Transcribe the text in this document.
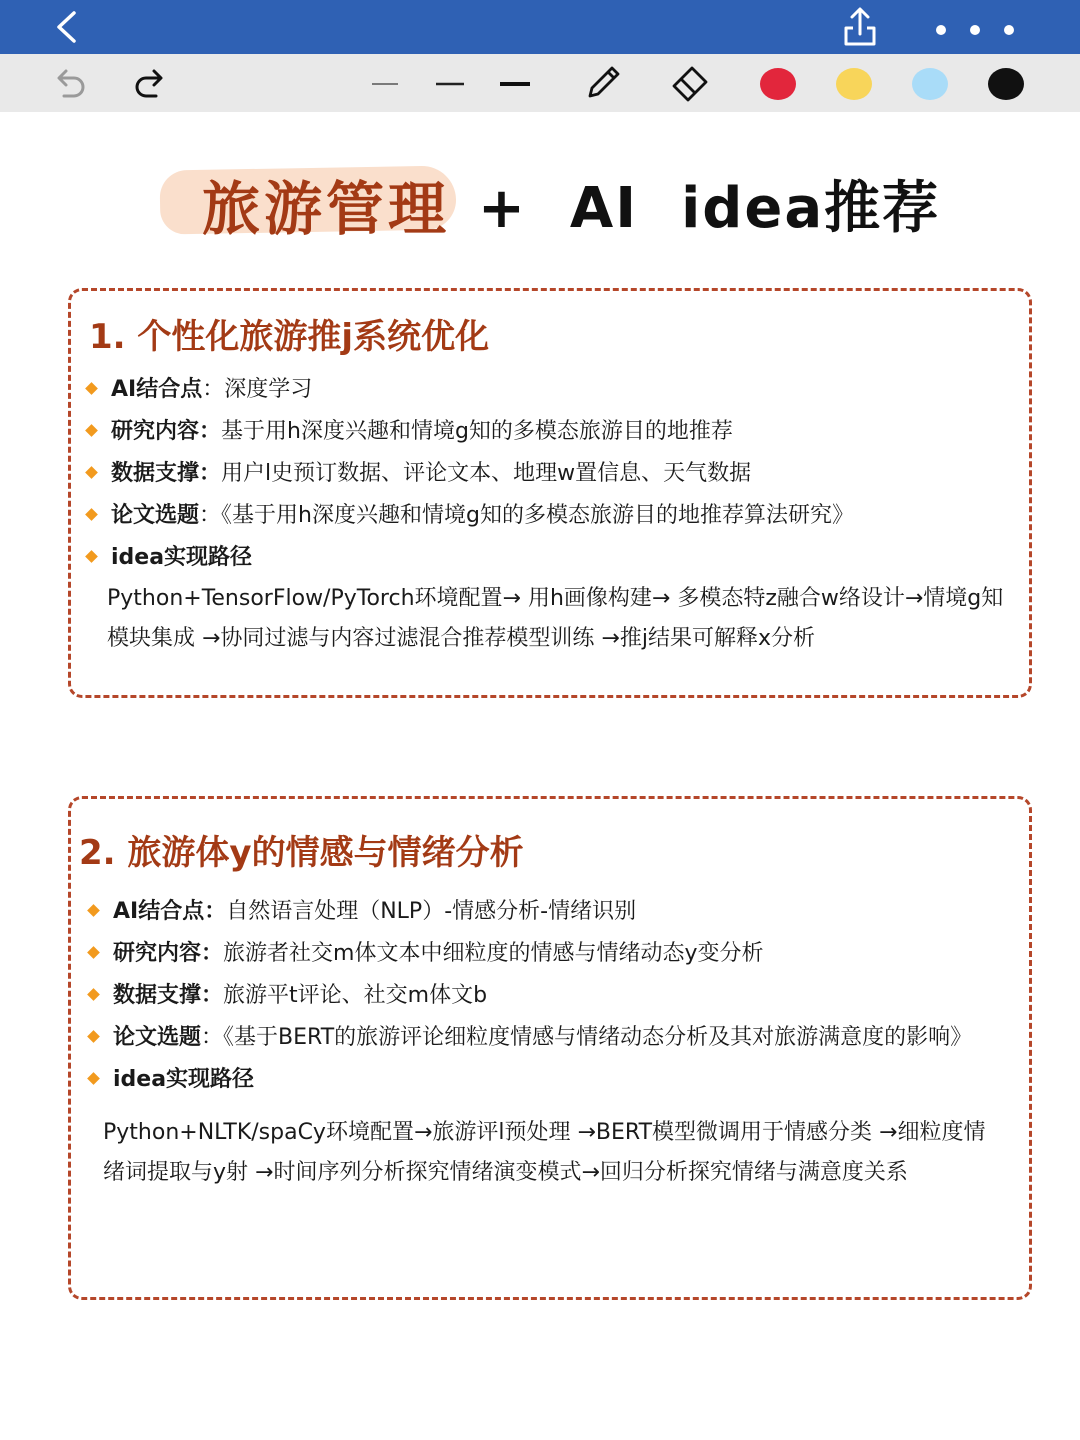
旅游管理 +  AI  idea推荐
1. 个性化旅游推j系统优化
AI结合点：深度学习
研究内容：基于用h深度兴趣和情境g知的多模态旅游目的地推荐
数据支撑：用户l史预订数据、评论文本、地理w置信息、天气数据
论文选题：《基于用h深度兴趣和情境g知的多模态旅游目的地推荐算法研究》
idea实现路径
Python+TensorFlow/PyTorch环境配置→ 用h画像构建→ 多模态特z融合w络设计→情境g知模块集成 →协同过滤与内容过滤混合推荐模型训练 →推j结果可解释x分析
2. 旅游体y的情感与情绪分析
AI结合点：自然语言处理（NLP）-情感分析-情绪识别
研究内容：旅游者社交m体文本中细粒度的情感与情绪动态y变分析
数据支撑：旅游平t评论、社交m体文b
论文选题：《基于BERT的旅游评论细粒度情感与情绪动态分析及其对旅游满意度的影响》
idea实现路径
Python+NLTK/spaCy环境配置→旅游评l预处理 →BERT模型微调用于情感分类 →细粒度情绪词提取与y射 →时间序列分析探究情绪演变模式→回归分析探究情绪与满意度关系
